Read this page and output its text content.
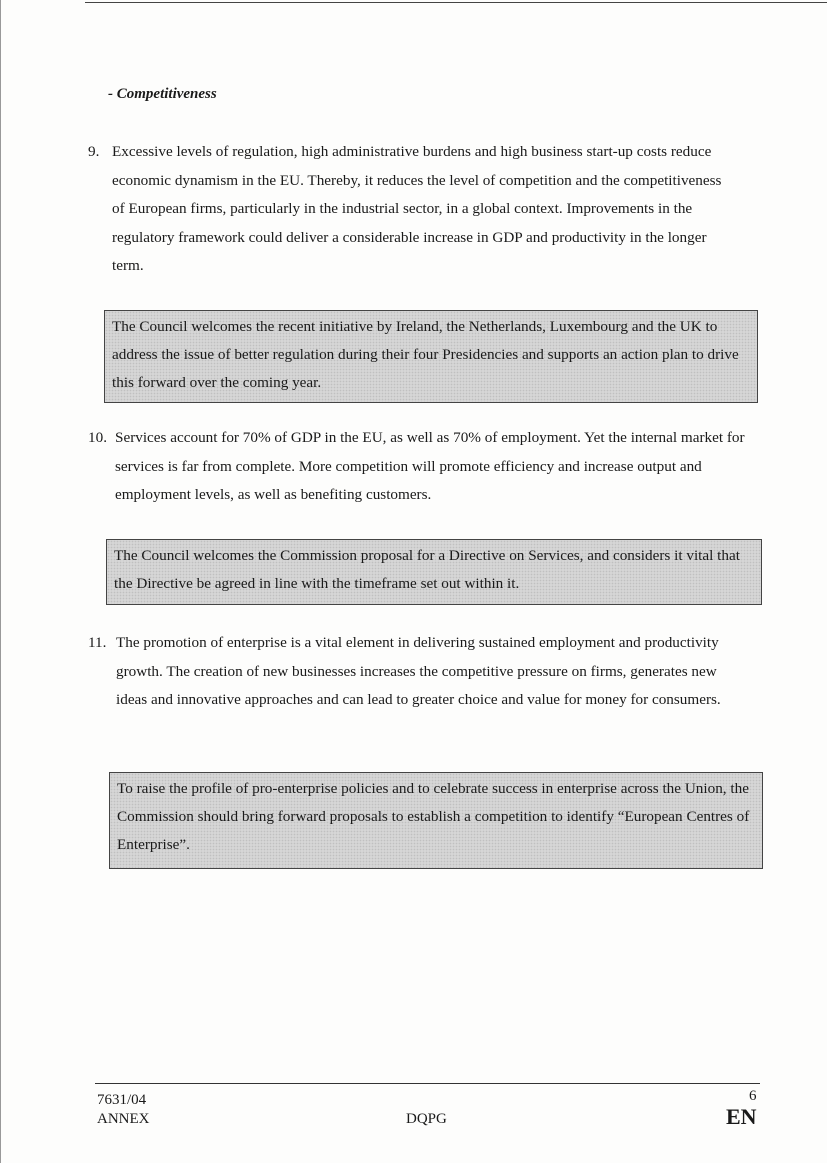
- Competitiveness

9. Excessive levels of regulation, high administrative burdens and high business start-up costs reduce economic dynamism in the EU. Thereby, it reduces the level of competition and the competitiveness of European firms, particularly in the industrial sector, in a global context. Improvements in the regulatory framework could deliver a considerable increase in GDP and productivity in the longer term.

The Council welcomes the recent initiative by Ireland, the Netherlands, Luxembourg and the UK to address the issue of better regulation during their four Presidencies and supports an action plan to drive this forward over the coming year.

10. Services account for 70% of GDP in the EU, as well as 70% of employment. Yet the internal market for services is far from complete. More competition will promote efficiency and increase output and employment levels, as well as benefiting customers.

The Council welcomes the Commission proposal for a Directive on Services, and considers it vital that the Directive be agreed in line with the timeframe set out within it.

11. The promotion of enterprise is a vital element in delivering sustained employment and productivity growth. The creation of new businesses increases the competitive pressure on firms, generates new ideas and innovative approaches and can lead to greater choice and value for money for consumers.

To raise the profile of pro-enterprise policies and to celebrate success in enterprise across the Union, the Commission should bring forward proposals to establish a competition to identify “European Centres of Enterprise”.
7631/04
ANNEX	DQPG
6
EN
